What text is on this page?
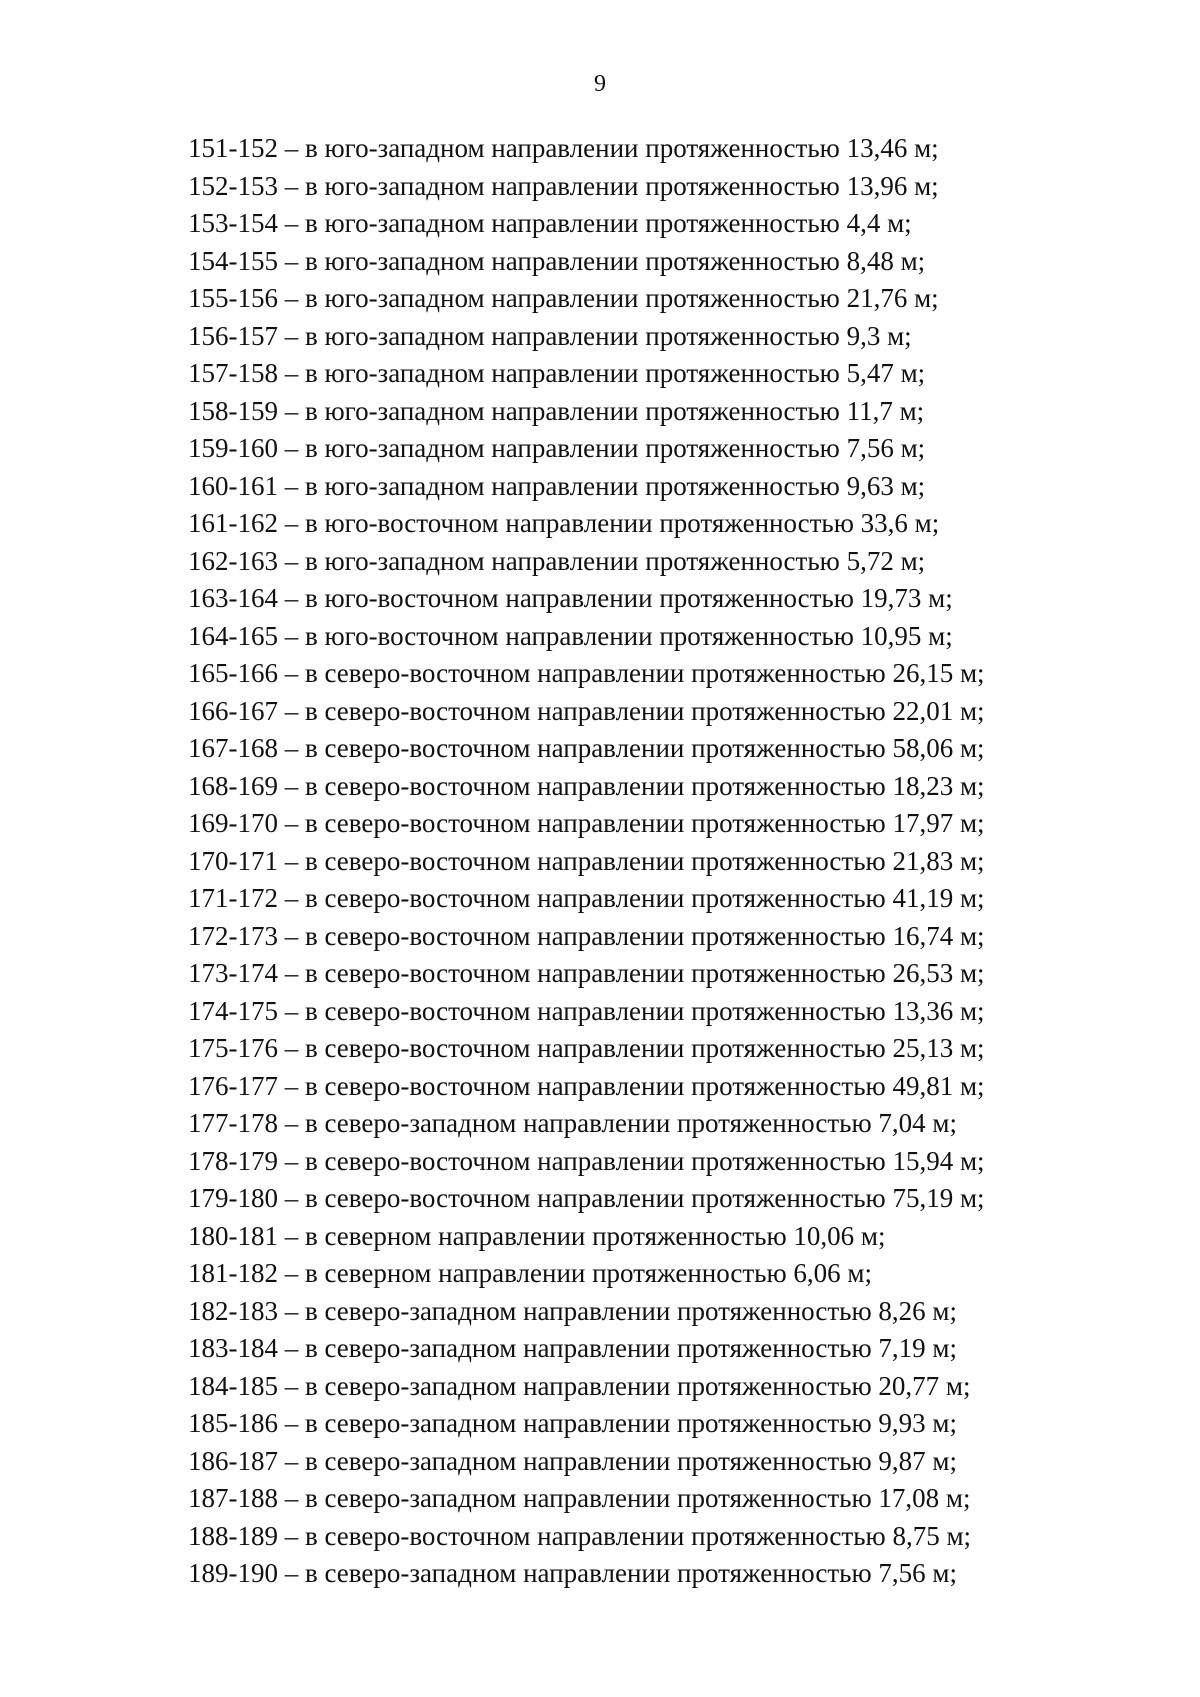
9
151-152 – в юго-западном направлении протяженностью 13,46 м;
152-153 – в юго-западном направлении протяженностью 13,96 м;
153-154 – в юго-западном направлении протяженностью 4,4 м;
154-155 – в юго-западном направлении протяженностью 8,48 м;
155-156 – в юго-западном направлении протяженностью 21,76 м;
156-157 – в юго-западном направлении протяженностью 9,3 м;
157-158 – в юго-западном направлении протяженностью 5,47 м;
158-159 – в юго-западном направлении протяженностью 11,7 м;
159-160 – в юго-западном направлении протяженностью 7,56 м;
160-161 – в юго-западном направлении протяженностью 9,63 м;
161-162 – в юго-восточном направлении протяженностью 33,6 м;
162-163 – в юго-западном направлении протяженностью 5,72 м;
163-164 – в юго-восточном направлении протяженностью 19,73 м;
164-165 – в юго-восточном направлении протяженностью 10,95 м;
165-166 – в северо-восточном направлении протяженностью 26,15 м;
166-167 – в северо-восточном направлении протяженностью 22,01 м;
167-168 – в северо-восточном направлении протяженностью 58,06 м;
168-169 – в северо-восточном направлении протяженностью 18,23 м;
169-170 – в северо-восточном направлении протяженностью 17,97 м;
170-171 – в северо-восточном направлении протяженностью 21,83 м;
171-172 – в северо-восточном направлении протяженностью 41,19 м;
172-173 – в северо-восточном направлении протяженностью 16,74 м;
173-174 – в северо-восточном направлении протяженностью 26,53 м;
174-175 – в северо-восточном направлении протяженностью 13,36 м;
175-176 – в северо-восточном направлении протяженностью 25,13 м;
176-177 – в северо-восточном направлении протяженностью 49,81 м;
177-178 – в северо-западном направлении протяженностью 7,04 м;
178-179 – в северо-восточном направлении протяженностью 15,94 м;
179-180 – в северо-восточном направлении протяженностью 75,19 м;
180-181 – в северном направлении протяженностью 10,06 м;
181-182 – в северном направлении протяженностью 6,06 м;
182-183 – в северо-западном направлении протяженностью 8,26 м;
183-184 – в северо-западном направлении протяженностью 7,19 м;
184-185 – в северо-западном направлении протяженностью 20,77 м;
185-186 – в северо-западном направлении протяженностью 9,93 м;
186-187 – в северо-западном направлении протяженностью 9,87 м;
187-188 – в северо-западном направлении протяженностью 17,08 м;
188-189 – в северо-восточном направлении протяженностью 8,75 м;
189-190 – в северо-западном направлении протяженностью 7,56 м;
